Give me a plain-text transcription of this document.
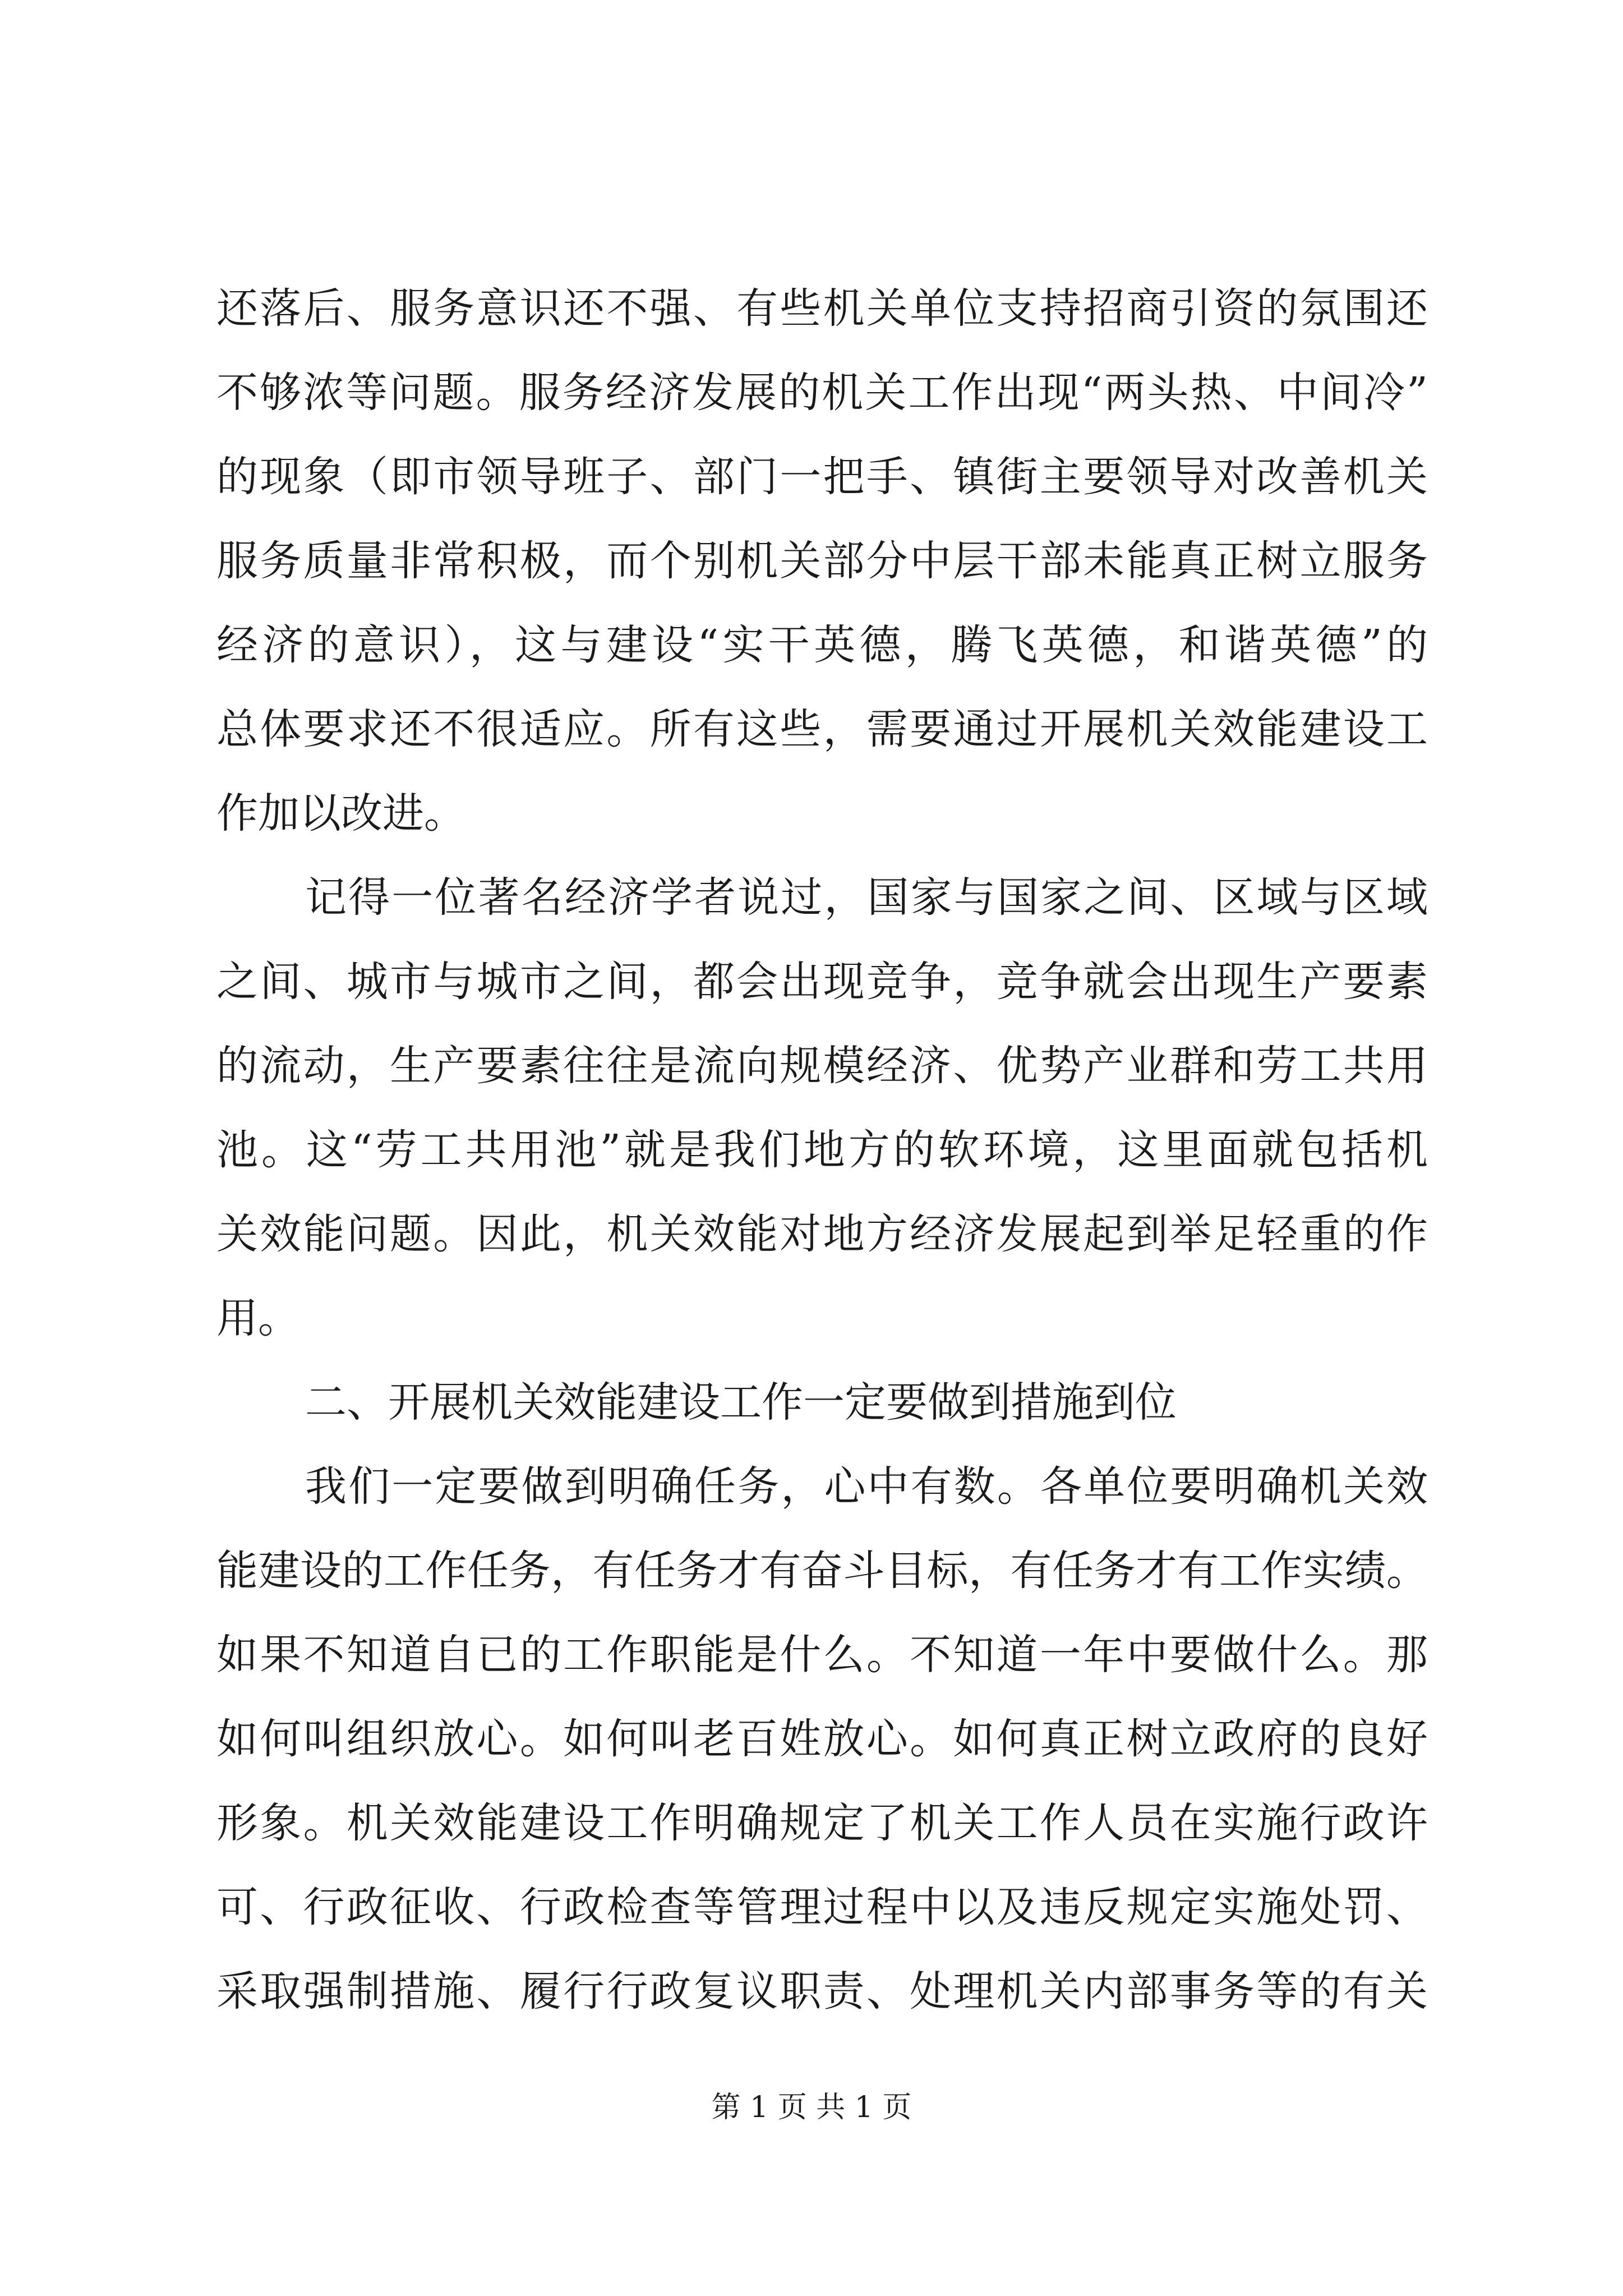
还落后、服务意识还不强、有些机关单位支持招商引资的氛围还
不够浓等问题。服务经济发展的机关工作出现“两头热、中间冷”
的现象（即市领导班子、部门一把手、镇街主要领导对改善机关
服务质量非常积极，而个别机关部分中层干部未能真正树立服务
经济的意识），这与建设“实干英德，腾飞英德，和谐英德”的
总体要求还不很适应。所有这些，需要通过开展机关效能建设工
作加以改进。
记得一位著名经济学者说过，国家与国家之间、区域与区域
之间、城市与城市之间，都会出现竞争，竞争就会出现生产要素
的流动，生产要素往往是流向规模经济、优势产业群和劳工共用
池。这“劳工共用池”就是我们地方的软环境，这里面就包括机
关效能问题。因此，机关效能对地方经济发展起到举足轻重的作
用。
二、开展机关效能建设工作一定要做到措施到位
我们一定要做到明确任务，心中有数。各单位要明确机关效
能建设的工作任务，有任务才有奋斗目标，有任务才有工作实绩。
如果不知道自已的工作职能是什么。不知道一年中要做什么。那
如何叫组织放心。如何叫老百姓放心。如何真正树立政府的良好
形象。机关效能建设工作明确规定了机关工作人员在实施行政许
可、行政征收、行政检查等管理过程中以及违反规定实施处罚、
采取强制措施、履行行政复议职责、处理机关内部事务等的有关
第 1 页 共 1 页
